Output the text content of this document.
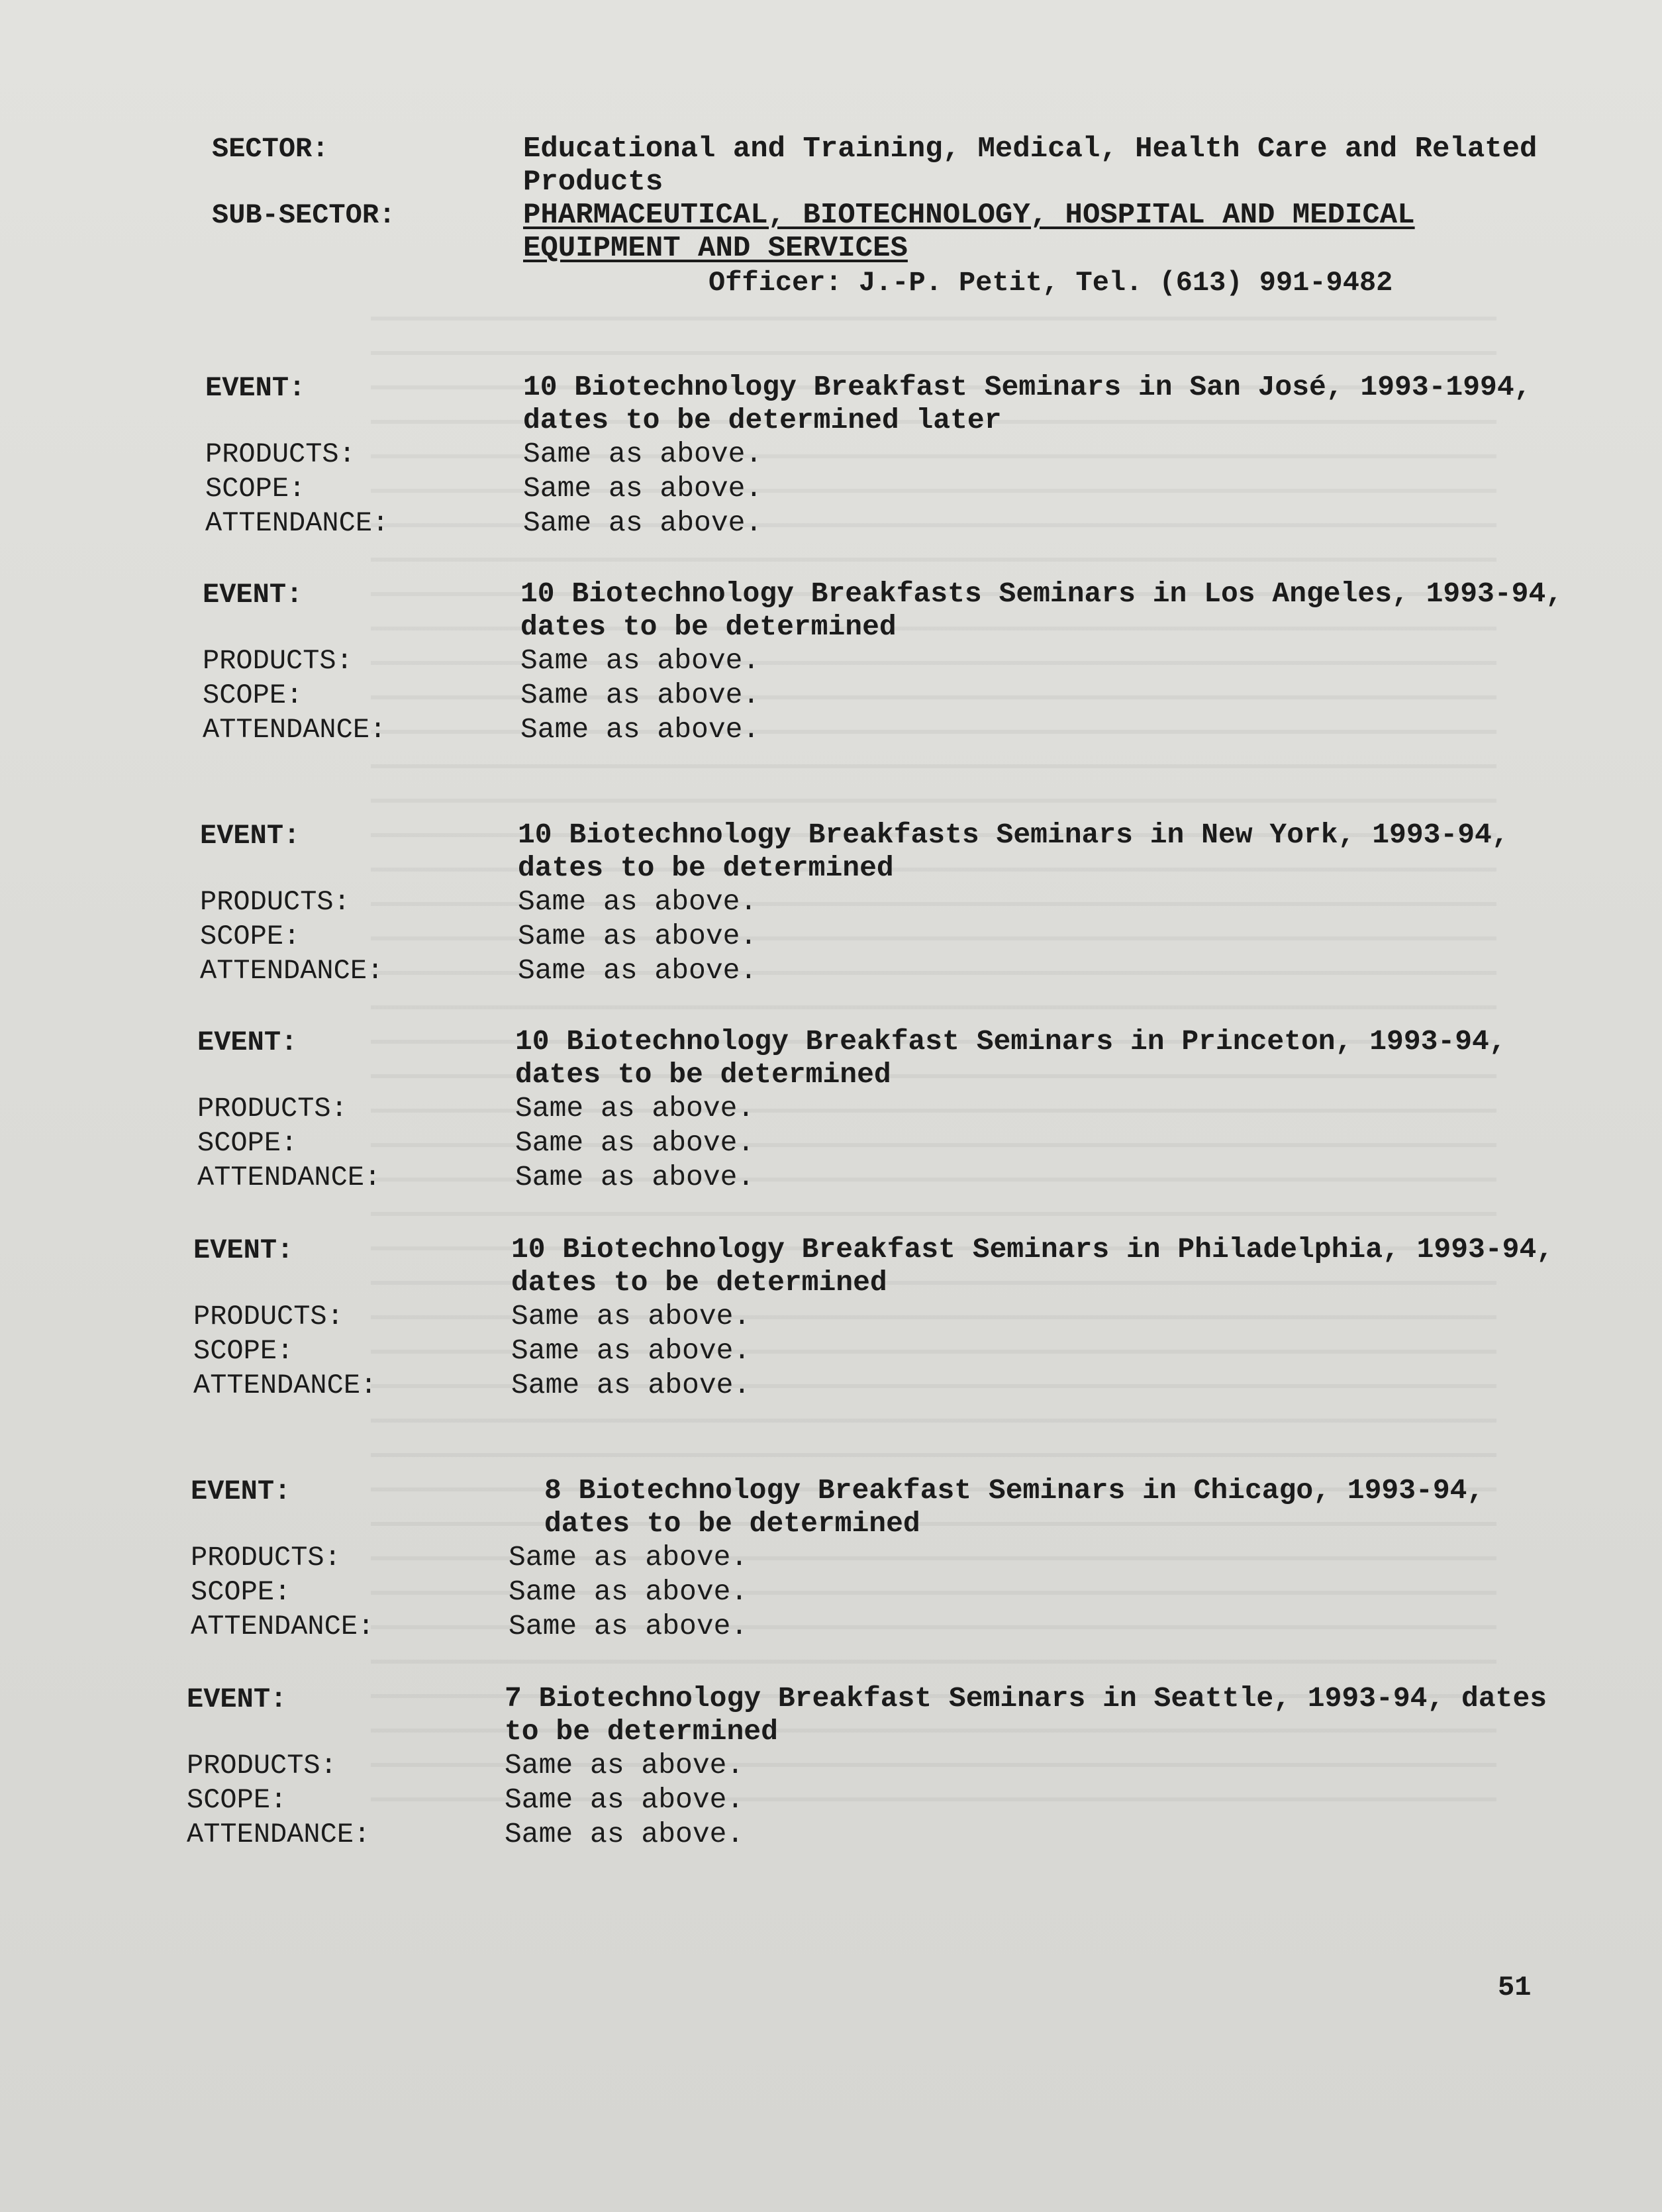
SECTOR:	Educational and Training, Medical, Health Care and Related Products
SUB-SECTOR:	PHARMACEUTICAL, BIOTECHNOLOGY, HOSPITAL AND MEDICAL EQUIPMENT AND SERVICES
Officer: J.-P. Petit, Tel. (613) 991-9482
EVENT:	10 Biotechnology Breakfast Seminars in San José, 1993-1994, dates to be determined later
PRODUCTS:	Same as above.
SCOPE:	Same as above.
ATTENDANCE:	Same as above.
EVENT:	10 Biotechnology Breakfasts Seminars in Los Angeles, 1993-94, dates to be determined
PRODUCTS:	Same as above.
SCOPE:	Same as above.
ATTENDANCE:	Same as above.
EVENT:	10 Biotechnology Breakfasts Seminars in New York, 1993-94, dates to be determined
PRODUCTS:	Same as above.
SCOPE:	Same as above.
ATTENDANCE:	Same as above.
EVENT:	10 Biotechnology Breakfast Seminars in Princeton, 1993-94, dates to be determined
PRODUCTS:	Same as above.
SCOPE:	Same as above.
ATTENDANCE:	Same as above.
EVENT:	10 Biotechnology Breakfast Seminars in Philadelphia, 1993-94, dates to be determined
PRODUCTS:	Same as above.
SCOPE:	Same as above.
ATTENDANCE:	Same as above.
EVENT:	8 Biotechnology Breakfast Seminars in Chicago, 1993-94, dates to be determined
PRODUCTS:	Same as above.
SCOPE:	Same as above.
ATTENDANCE:	Same as above.
EVENT:	7 Biotechnology Breakfast Seminars in Seattle, 1993-94, dates to be determined
PRODUCTS:	Same as above.
SCOPE:	Same as above.
ATTENDANCE:	Same as above.
51
